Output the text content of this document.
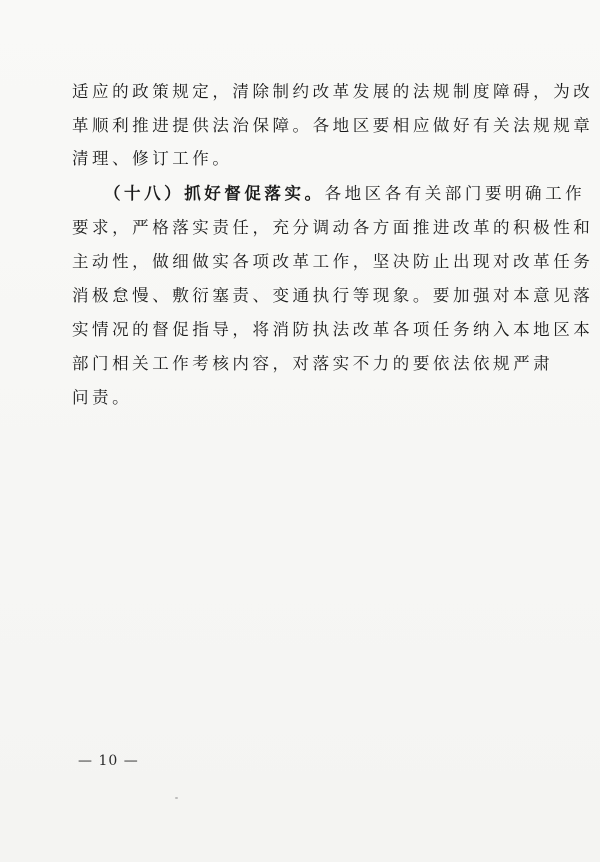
适应的政策规定，清除制约改革发展的法规制度障碍，为改
革顺利推进提供法治保障。各地区要相应做好有关法规规章
清理、修订工作。
（十八）抓好督促落实。各地区各有关部门要明确工作
要求，严格落实责任，充分调动各方面推进改革的积极性和
主动性，做细做实各项改革工作，坚决防止出现对改革任务
消极怠慢、敷衍塞责、变通执行等现象。要加强对本意见落
实情况的督促指导，将消防执法改革各项任务纳入本地区本
部门相关工作考核内容，对落实不力的要依法依规严肃
问责。
— 10 —
